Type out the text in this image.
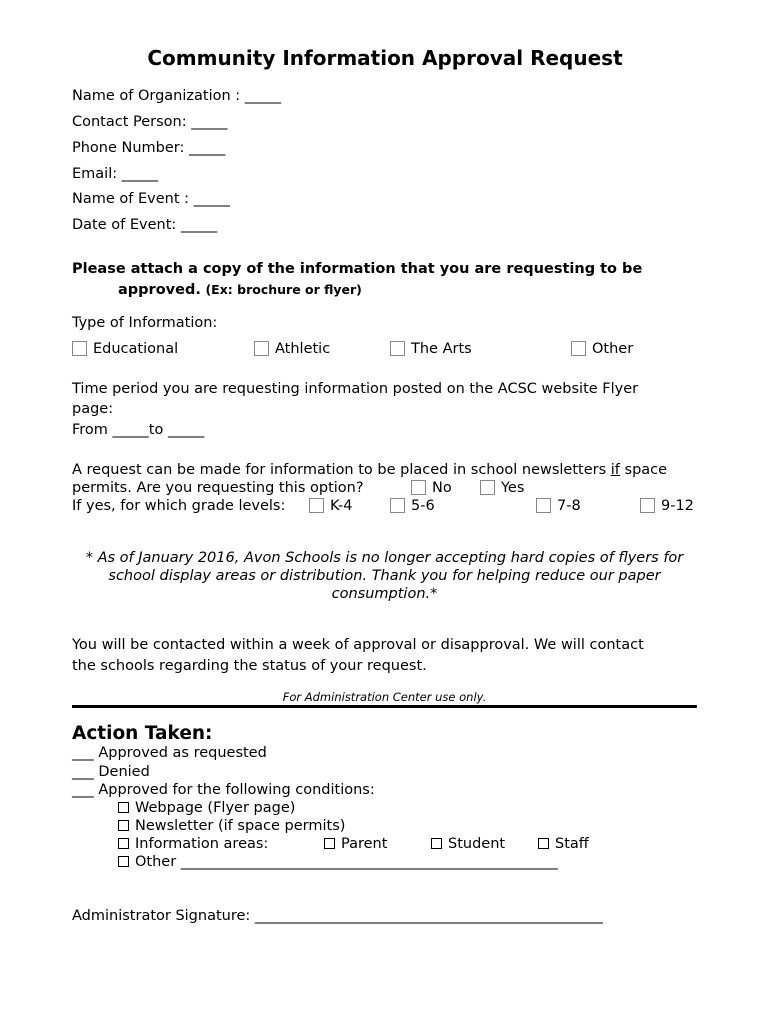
Community Information Approval Request
Name of Organization : _____
Contact Person: _____
Phone Number: _____
Email: _____
Name of Event : _____
Date of Event: _____
Please attach a copy of the information that you are requesting to be
approved. (Ex: brochure or flyer)
Type of Information:
Educational	Athletic	The Arts	Other
Time period you are requesting information posted on the ACSC website Flyer
page:
From _____to _____
A request can be made for information to be placed in school newsletters if space
permits. Are you requesting this option?	No	Yes
If yes, for which grade levels:	K-4	5-6	7-8	9-12
* As of January 2016, Avon Schools is no longer accepting hard copies of flyers for school display areas or distribution. Thank you for helping reduce our paper consumption.*
You will be contacted within a week of approval or disapproval. We will contact
the schools regarding the status of your request.
For Administration Center use only.
Action Taken:
___ Approved as requested
___ Denied
___ Approved for the following conditions:
Webpage (Flyer page)
Newsletter (if space permits)
Information areas:	Parent	Student	Staff
Other ____________________________________________________
Administrator Signature: ________________________________________________
